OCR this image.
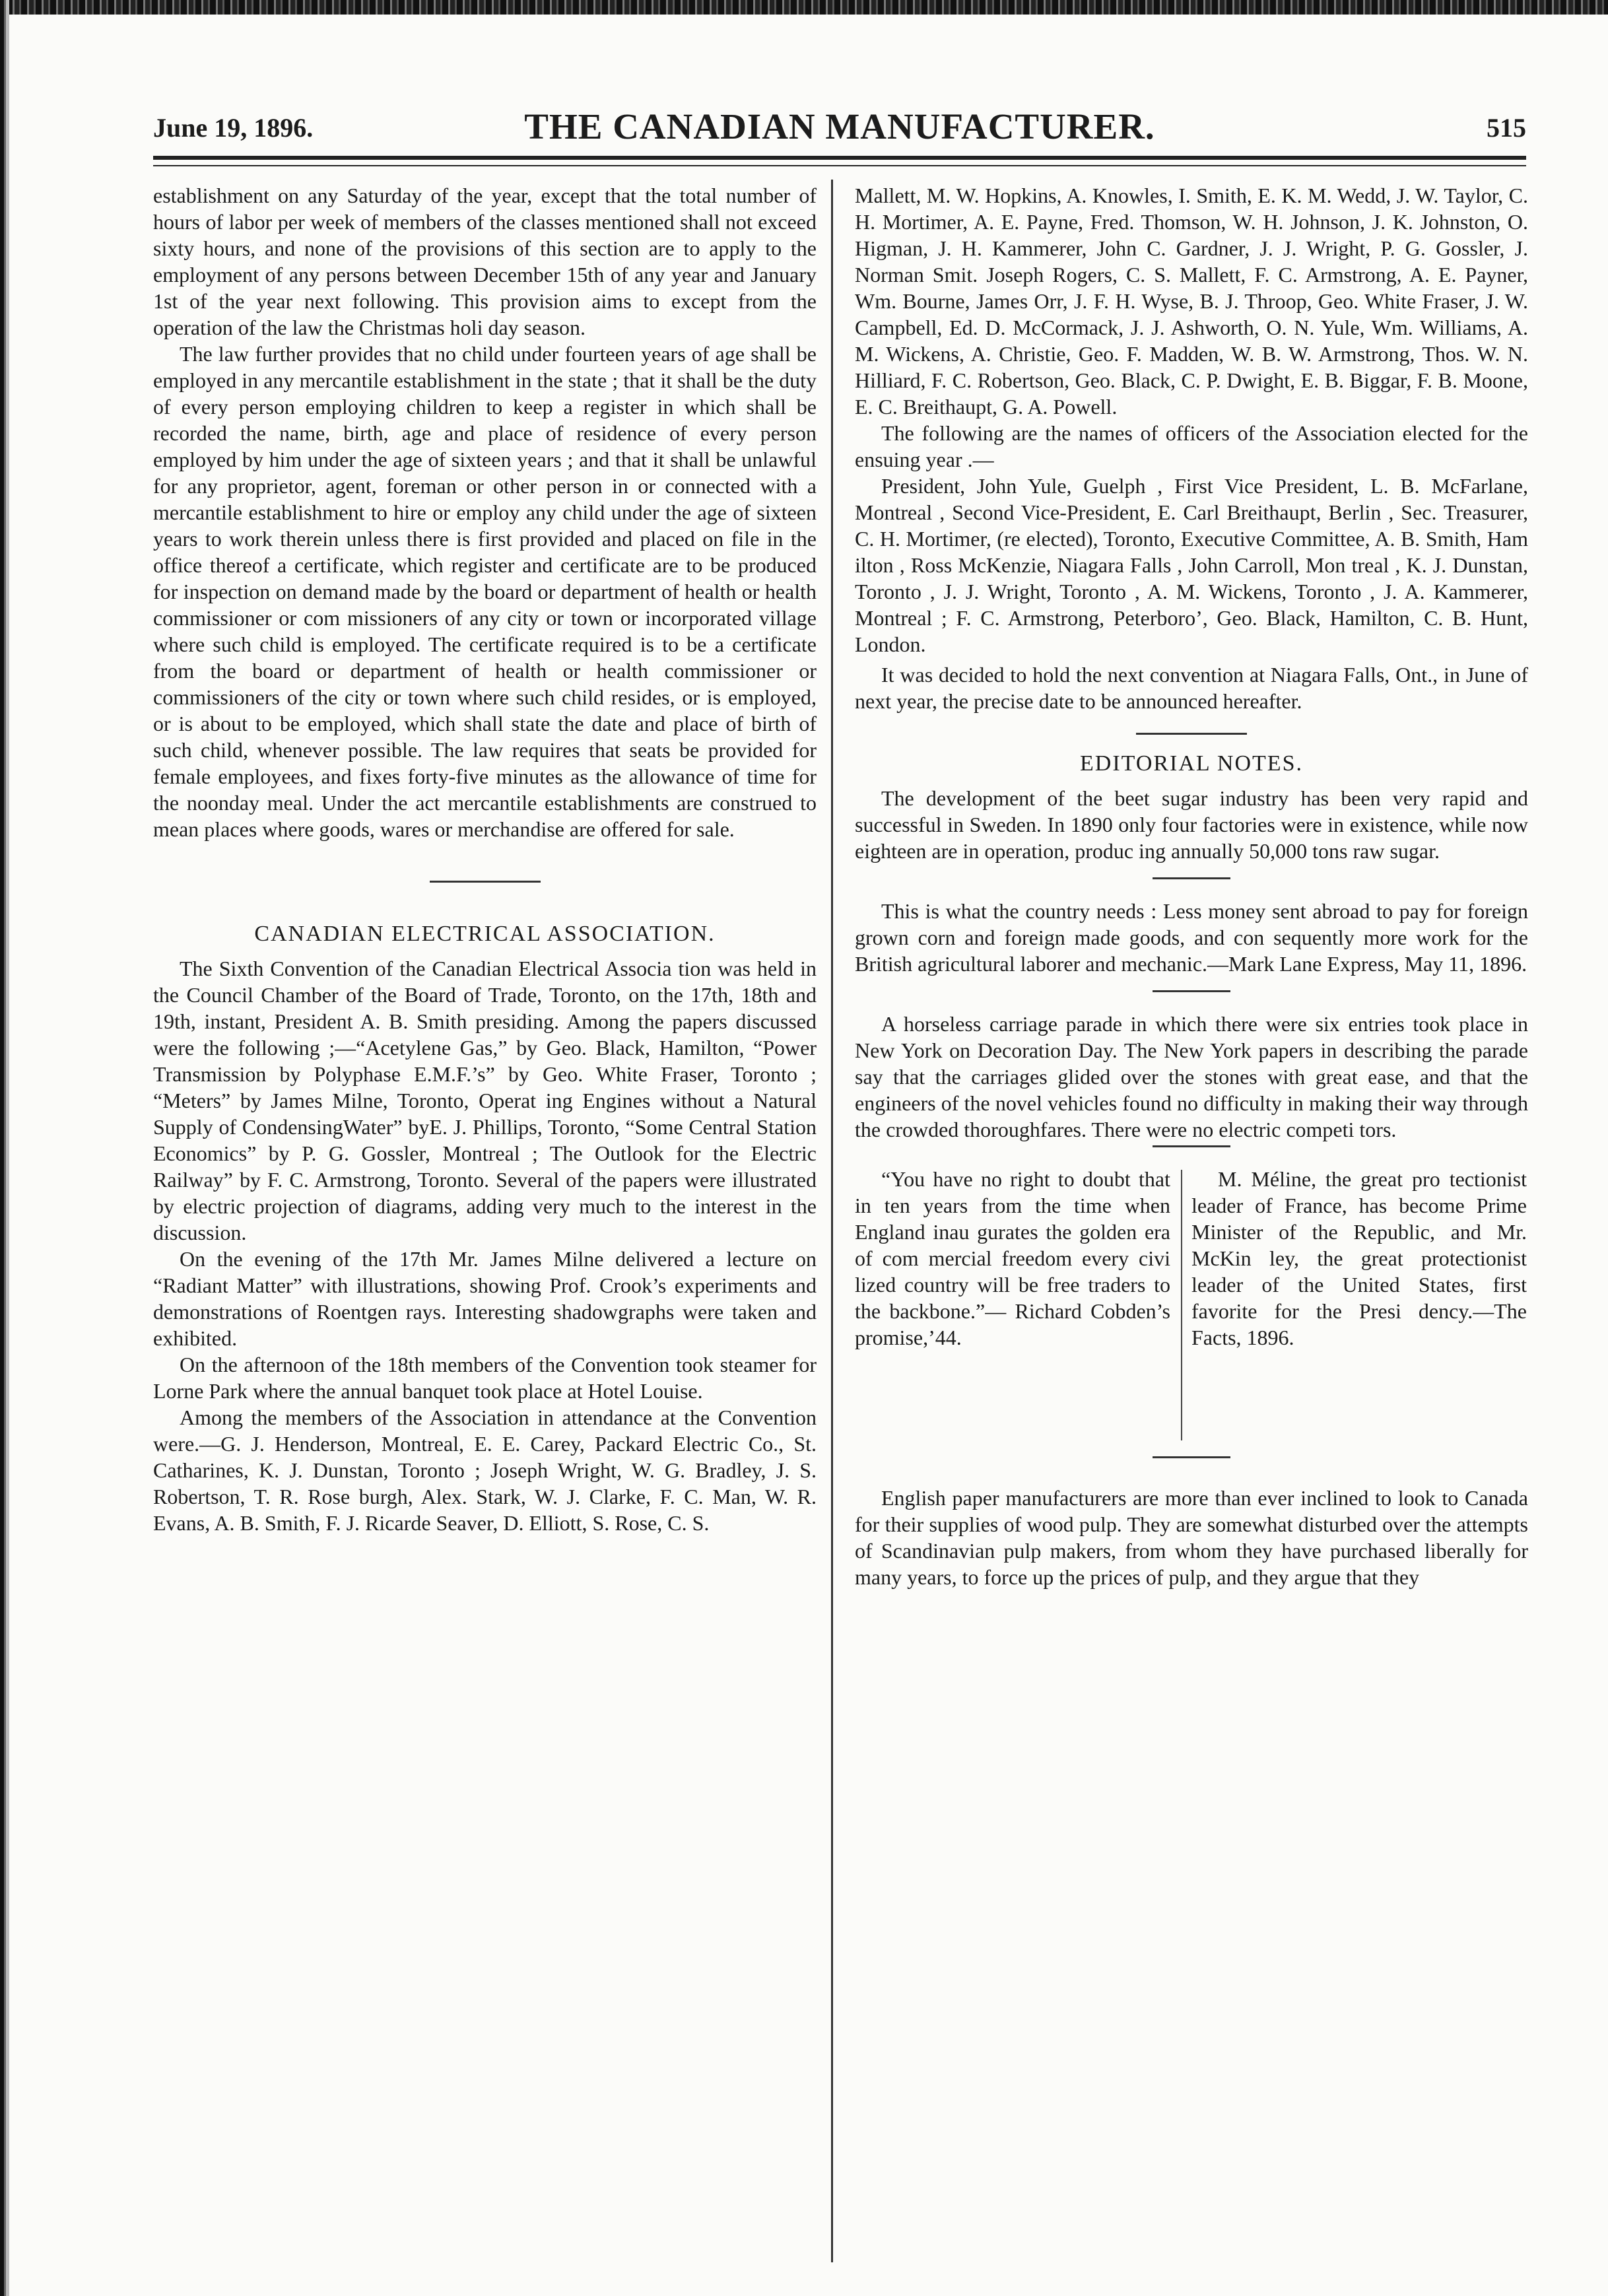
June 19, 1896.	THE CANADIAN MANUFACTURER.	515

establishment on any Saturday of the year, except that the total number of hours of labor per week of members of the classes mentioned shall not exceed sixty hours, and none of the provisions of this section are to apply to the employment of any persons between December 15th of any year and January 1st of the year next following. This provision aims to except from the operation of the law the Christmas holi day season.

The law further provides that no child under fourteen years of age shall be employed in any mercantile establishment in the state ; that it shall be the duty of every person employing children to keep a register in which shall be recorded the name, birth, age and place of residence of every person employed by him under the age of sixteen years ; and that it shall be unlawful for any proprietor, agent, foreman or other person in or connected with a mercantile establishment to hire or employ any child under the age of sixteen years to work therein unless there is first provided and placed on file in the office thereof a certificate, which register and certificate are to be produced for inspection on demand made by the board or department of health or health commissioner or com missioners of any city or town or incorporated village where such child is employed. The certificate required is to be a certificate from the board or department of health or health commissioner or commissioners of the city or town where such child resides, or is employed, or is about to be employed, which shall state the date and place of birth of such child, whenever possible. The law requires that seats be provided for female employees, and fixes forty-five minutes as the allowance of time for the noonday meal. Under the act mercantile establishments are construed to mean places where goods, wares or merchandise are offered for sale.

CANADIAN ELECTRICAL ASSOCIATION.

The Sixth Convention of the Canadian Electrical Associa tion was held in the Council Chamber of the Board of Trade, Toronto, on the 17th, 18th and 19th, instant, President A. B. Smith presiding. Among the papers discussed were the following ;—“Acetylene Gas,” by Geo. Black, Hamilton, “Power Transmission by Polyphase E.M.F.’s” by Geo. White Fraser, Toronto ; “Meters” by James Milne, Toronto, Operat ing Engines without a Natural Supply of CondensingWater” byE. J. Phillips, Toronto, “Some Central Station Economics” by P. G. Gossler, Montreal ; The Outlook for the Electric Railway” by F. C. Armstrong, Toronto. Several of the papers were illustrated by electric projection of diagrams, adding very much to the interest in the discussion.

On the evening of the 17th Mr. James Milne delivered a lecture on “Radiant Matter” with illustrations, showing Prof. Crook’s experiments and demonstrations of Roentgen rays. Interesting shadowgraphs were taken and exhibited.

On the afternoon of the 18th members of the Convention took steamer for Lorne Park where the annual banquet took place at Hotel Louise.

Among the members of the Association in attendance at the Convention were.—G. J. Henderson, Montreal, E. E. Carey, Packard Electric Co., St. Catharines, K. J. Dunstan, Toronto ; Joseph Wright, W. G. Bradley, J. S. Robertson, T. R. Rose burgh, Alex. Stark, W. J. Clarke, F. C. Man, W. R. Evans, A. B. Smith, F. J. Ricarde Seaver, D. Elliott, S. Rose, C. S.

Mallett, M. W. Hopkins, A. Knowles, I. Smith, E. K. M. Wedd, J. W. Taylor, C. H. Mortimer, A. E. Payne, Fred. Thomson, W. H. Johnson, J. K. Johnston, O. Higman, J. H. Kammerer, John C. Gardner, J. J. Wright, P. G. Gossler, J. Norman Smit. Joseph Rogers, C. S. Mallett, F. C. Armstrong, A. E. Payner, Wm. Bourne, James Orr, J. F. H. Wyse, B. J. Throop, Geo. White Fraser, J. W. Campbell, Ed. D. McCormack, J. J. Ashworth, O. N. Yule, Wm. Williams, A. M. Wickens, A. Christie, Geo. F. Madden, W. B. W. Armstrong, Thos. W. N. Hilliard, F. C. Robertson, Geo. Black, C. P. Dwight, E. B. Biggar, F. B. Moone, E. C. Breithaupt, G. A. Powell.

The following are the names of officers of the Association elected for the ensuing year .—

President, John Yule, Guelph , First Vice President, L. B. McFarlane, Montreal , Second Vice-President, E. Carl Breithaupt, Berlin , Sec. Treasurer, C. H. Mortimer, (re elected), Toronto, Executive Committee, A. B. Smith, Ham ilton , Ross McKenzie, Niagara Falls , John Carroll, Mon treal , K. J. Dunstan, Toronto , J. J. Wright, Toronto , A. M. Wickens, Toronto , J. A. Kammerer, Montreal ; F. C. Armstrong, Peterboro’, Geo. Black, Hamilton, C. B. Hunt, London.

It was decided to hold the next convention at Niagara Falls, Ont., in June of next year, the precise date to be announced hereafter.

EDITORIAL NOTES.

The development of the beet sugar industry has been very rapid and successful in Sweden. In 1890 only four factories were in existence, while now eighteen are in operation, produc ing annually 50,000 tons raw sugar.

This is what the country needs : Less money sent abroad to pay for foreign grown corn and foreign made goods, and con sequently more work for the British agricultural laborer and mechanic.—Mark Lane Express, May 11, 1896.

A horseless carriage parade in which there were six entries took place in New York on Decoration Day. The New York papers in describing the parade say that the carriages glided over the stones with great ease, and that the engineers of the novel vehicles found no difficulty in making their way through the crowded thoroughfares. There were no electric competi tors.

“You have no right to doubt that in ten years from the time when England inau gurates the golden era of com mercial freedom every civi lized country will be free traders to the backbone.”— Richard Cobden’s promise,’44.

M. Méline, the great pro tectionist leader of France, has become Prime Minister of the Republic, and Mr. McKin ley, the great protectionist leader of the United States, first favorite for the Presi dency.—The Facts, 1896.

English paper manufacturers are more than ever inclined to look to Canada for their supplies of wood pulp. They are somewhat disturbed over the attempts of Scandinavian pulp makers, from whom they have purchased liberally for many years, to force up the prices of pulp, and they argue that they
